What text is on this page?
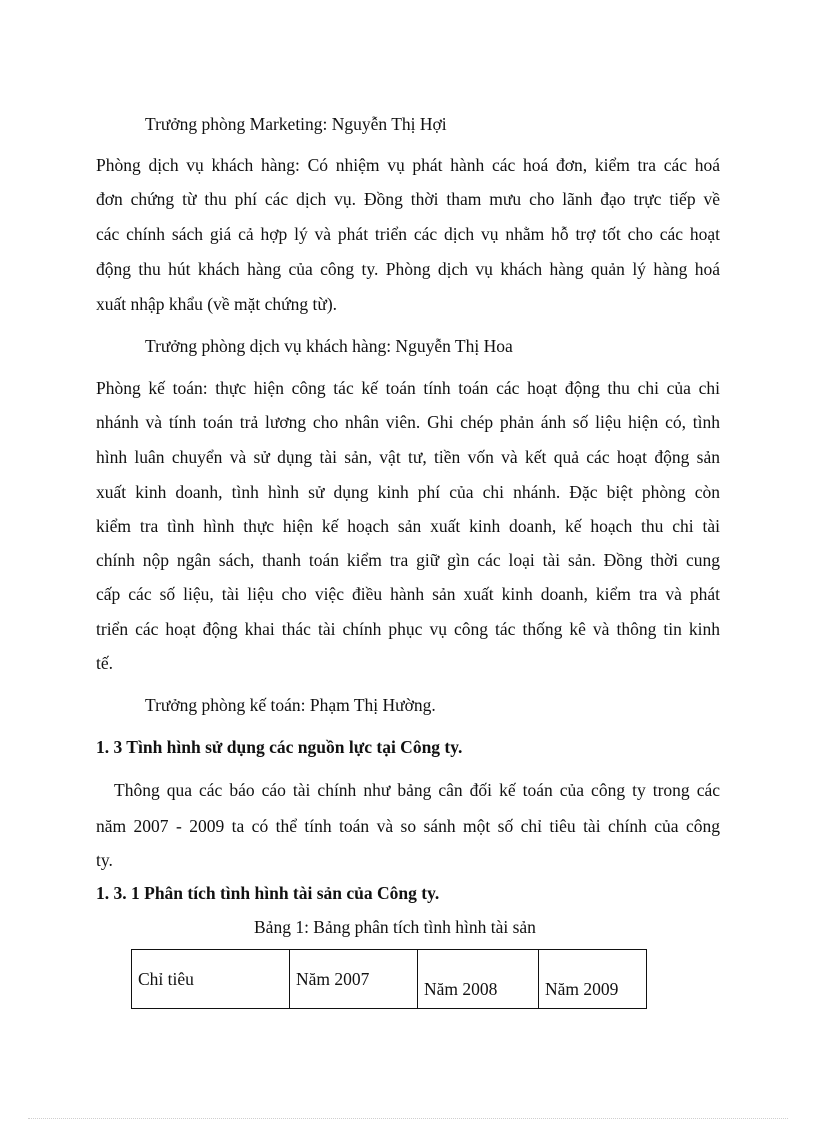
Trưởng phòng Marketing: Nguyễn Thị Hợi
Phòng dịch vụ khách hàng: Có nhiệm vụ phát hành các hoá đơn, kiểm tra các hoá
đơn chứng từ thu phí các dịch vụ. Đồng thời tham mưu cho lãnh đạo trực tiếp về
các chính sách giá cả hợp lý và phát triển các dịch vụ nhằm hỗ trợ tốt cho các hoạt
động thu hút khách hàng của công ty. Phòng dịch vụ khách hàng quản lý hàng hoá
xuất nhập khẩu (về mặt chứng từ).
Trưởng phòng dịch vụ khách hàng: Nguyễn Thị Hoa
Phòng kế toán: thực hiện công tác kế toán tính toán các hoạt động thu chi của chi
nhánh và tính toán trả lương cho nhân viên. Ghi chép phản ánh số liệu hiện có, tình
hình luân chuyển và sử dụng tài sản, vật tư, tiền vốn và kết quả các hoạt động sản
xuất kinh doanh, tình hình sử dụng kinh phí của chi nhánh. Đặc biệt phòng còn
kiểm tra tình hình thực hiện kế hoạch sản xuất kinh doanh, kế hoạch thu chi tài
chính nộp ngân sách, thanh toán kiểm tra giữ gìn các loại tài sản. Đồng thời cung
cấp các số liệu, tài liệu cho việc điều hành sản xuất kinh doanh, kiểm tra và phát
triển các hoạt động khai thác tài chính phục vụ công tác thống kê và thông tin kinh
tế.
Trưởng phòng kế toán: Phạm Thị Hường.
1. 3 Tình hình sử dụng các nguồn lực tại Công ty.
Thông qua các báo cáo tài chính như bảng cân đối kế toán của công ty trong các
năm 2007 - 2009 ta có thể tính toán và so sánh một số chỉ tiêu tài chính của công
ty.
1. 3. 1 Phân tích tình hình tài sản của Công ty.
Bảng 1: Bảng phân tích tình hình tài sản
Chỉ tiêu	Năm 2007	Năm 2008	Năm 2009
